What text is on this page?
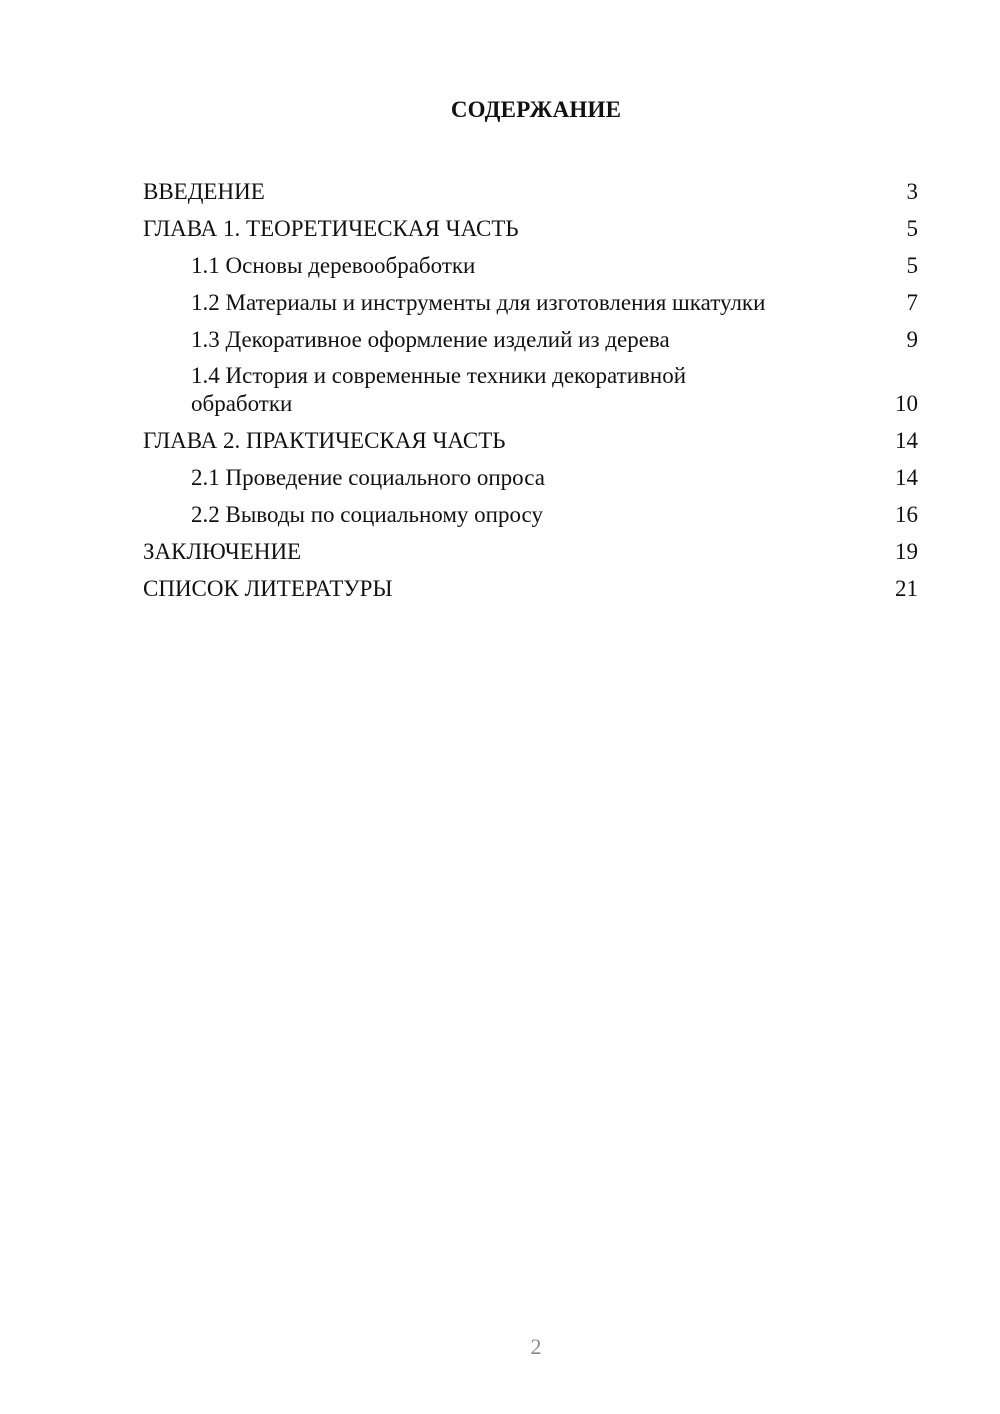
СОДЕРЖАНИЕ
ВВЕДЕНИЕ	3
ГЛАВА 1. ТЕОРЕТИЧЕСКАЯ ЧАСТЬ	5
1.1 Основы деревообработки	5
1.2 Материалы и инструменты для изготовления шкатулки	7
1.3 Декоративное оформление изделий из дерева	9
1.4 История и современные техники декоративной обработки	10
ГЛАВА 2. ПРАКТИЧЕСКАЯ ЧАСТЬ	14
2.1 Проведение социального опроса	14
2.2 Выводы по социальному опросу	16
ЗАКЛЮЧЕНИЕ	19
СПИСОК ЛИТЕРАТУРЫ	21
2
